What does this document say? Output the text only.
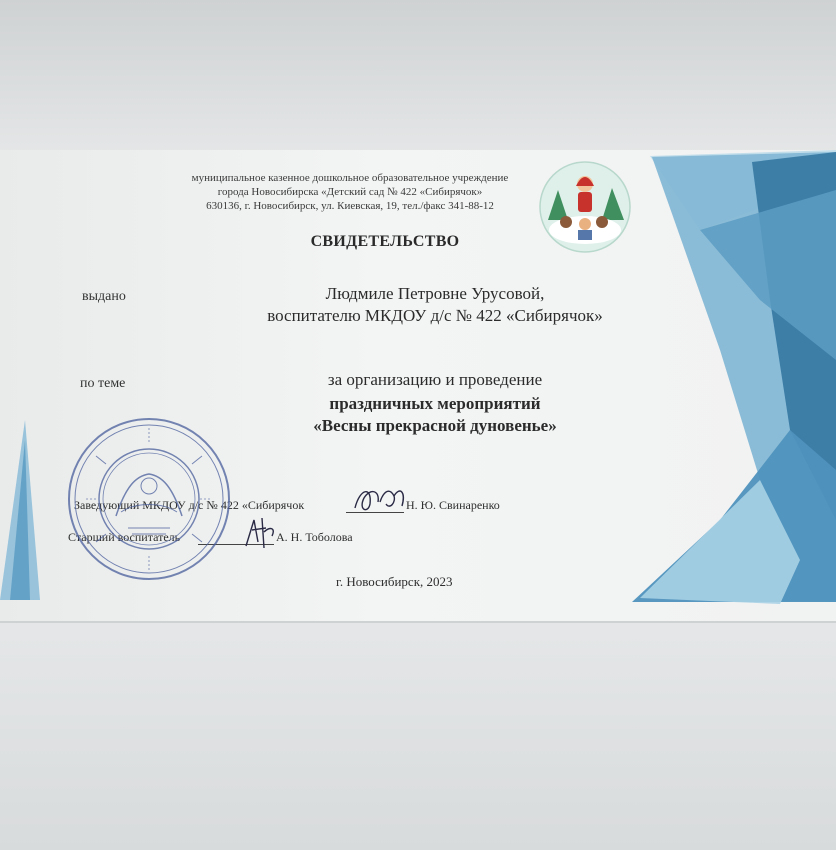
муниципальное казенное дошкольное образовательное учреждение
города Новосибирска «Детский сад № 422 «Сибирячок»
630136, г. Новосибирск, ул. Киевская, 19, тел./факс 341-88-12
СВИДЕТЕЛЬСТВО
выдано	Людмиле Петровне Урусовой,
воспитателю МКДОУ д/с № 422 «Сибирячок»
по теме	за организацию и проведение
праздничных мероприятий
«Весны прекрасной дуновенье»
Заведующий МКДОУ д/с № 422 «Сибирячок	Н. Ю. Свинаренко
Старший воспитатель	А. Н. Тоболова
г. Новосибирск, 2023
